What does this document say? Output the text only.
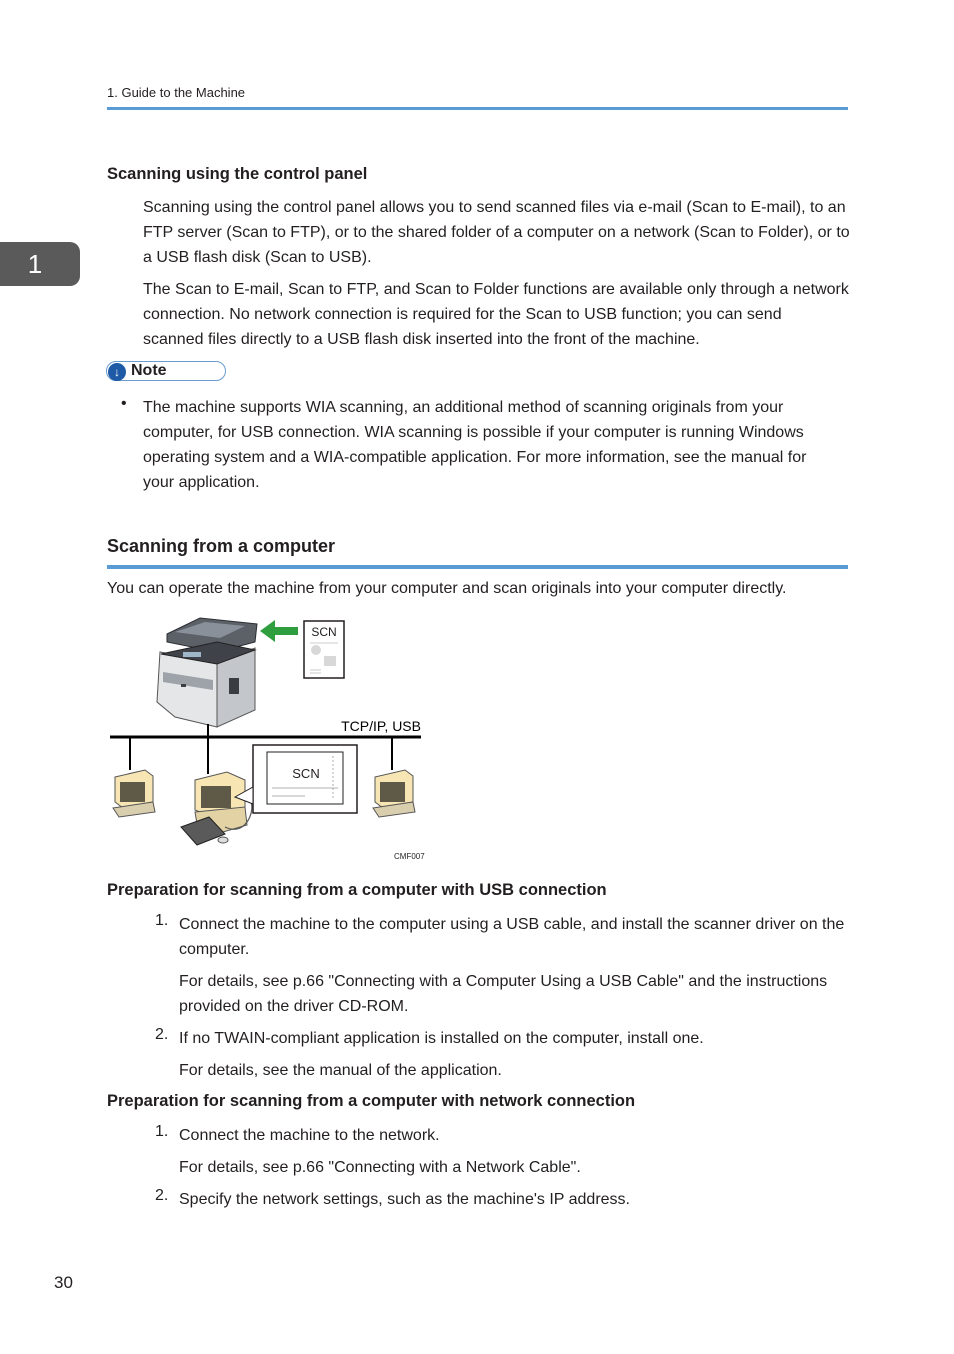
1. Guide to the Machine
1
Scanning using the control panel
Scanning using the control panel allows you to send scanned files via e-mail (Scan to E-mail), to an
FTP server (Scan to FTP), or to the shared folder of a computer on a network (Scan to Folder), or to
a USB flash disk (Scan to USB).
The Scan to E-mail, Scan to FTP, and Scan to Folder functions are available only through a network
connection. No network connection is required for the Scan to USB function; you can send
scanned files directly to a USB flash disk inserted into the front of the machine.
↓ Note
• The machine supports WIA scanning, an additional method of scanning originals from your
computer, for USB connection. WIA scanning is possible if your computer is running Windows
operating system and a WIA-compatible application. For more information, see the manual for
your application.
Scanning from a computer
You can operate the machine from your computer and scan originals into your computer directly.
SCN
TCP/IP, USB
SCN
CMF007
Preparation for scanning from a computer with USB connection
1. Connect the machine to the computer using a USB cable, and install the scanner driver on the
computer.
For details, see p.66 "Connecting with a Computer Using a USB Cable" and the instructions
provided on the driver CD-ROM.
2. If no TWAIN-compliant application is installed on the computer, install one.
For details, see the manual of the application.
Preparation for scanning from a computer with network connection
1. Connect the machine to the network.
For details, see p.66 "Connecting with a Network Cable".
2. Specify the network settings, such as the machine's IP address.
30
